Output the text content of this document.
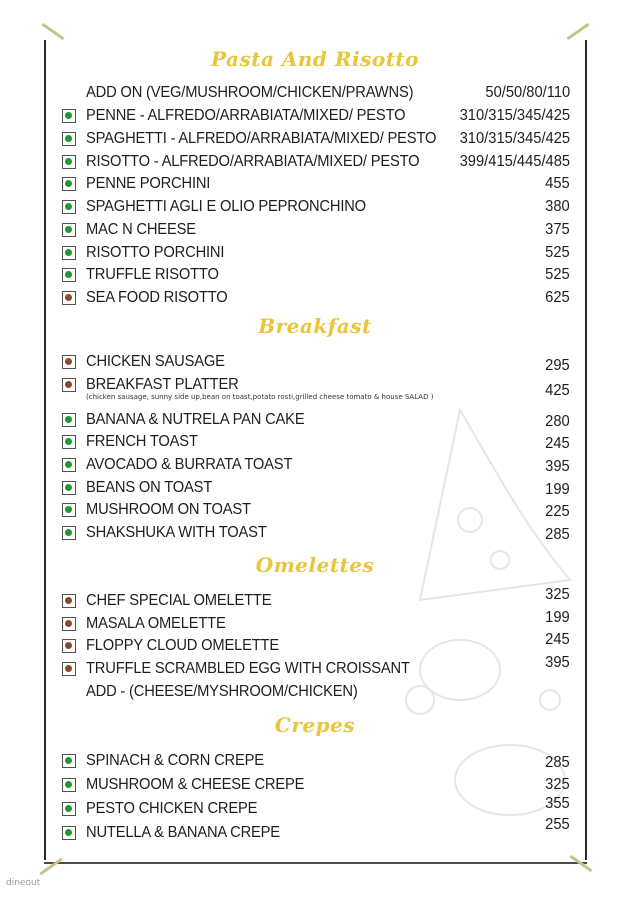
Pasta And Risotto
ADD ON (VEG/MUSHROOM/CHICKEN/PRAWNS)	50/50/80/110
PENNE - ALFREDO/ARRABIATA/MIXED/ PESTO	310/315/345/425
SPAGHETTI - ALFREDO/ARRABIATA/MIXED/ PESTO 310/315/345/425
RISOTTO - ALFREDO/ARRABIATA/MIXED/ PESTO	399/415/445/485
PENNE PORCHINI	455
SPAGHETTI AGLI E OLIO PEPRONCHINO	380
MAC N CHEESE	375
RISOTTO PORCHINI	525
TRUFFLE RISOTTO	525
SEA FOOD RISOTTO	625
Breakfast
CHICKEN SAUSAGE	295
BREAKFAST PLATTER	425
(chicken sausage, sunny side up,bean on toast,potato rosti,grilled cheese tomato & house SALAD )
BANANA & NUTRELA PAN CAKE	280
FRENCH TOAST	245
AVOCADO & BURRATA TOAST	395
BEANS ON TOAST	199
MUSHROOM ON TOAST	225
SHAKSHUKA WITH TOAST	285
Omelettes
CHEF SPECIAL OMELETTE	325
MASALA OMELETTE	199
FLOPPY CLOUD OMELETTE	245
TRUFFLE SCRAMBLED EGG WITH CROISSANT	395
ADD - (CHEESE/MYSHROOM/CHICKEN)
Crepes
SPINACH & CORN CREPE	285
MUSHROOM & CHEESE CREPE	325
PESTO CHICKEN CREPE	355
NUTELLA & BANANA CREPE	255
dineout
